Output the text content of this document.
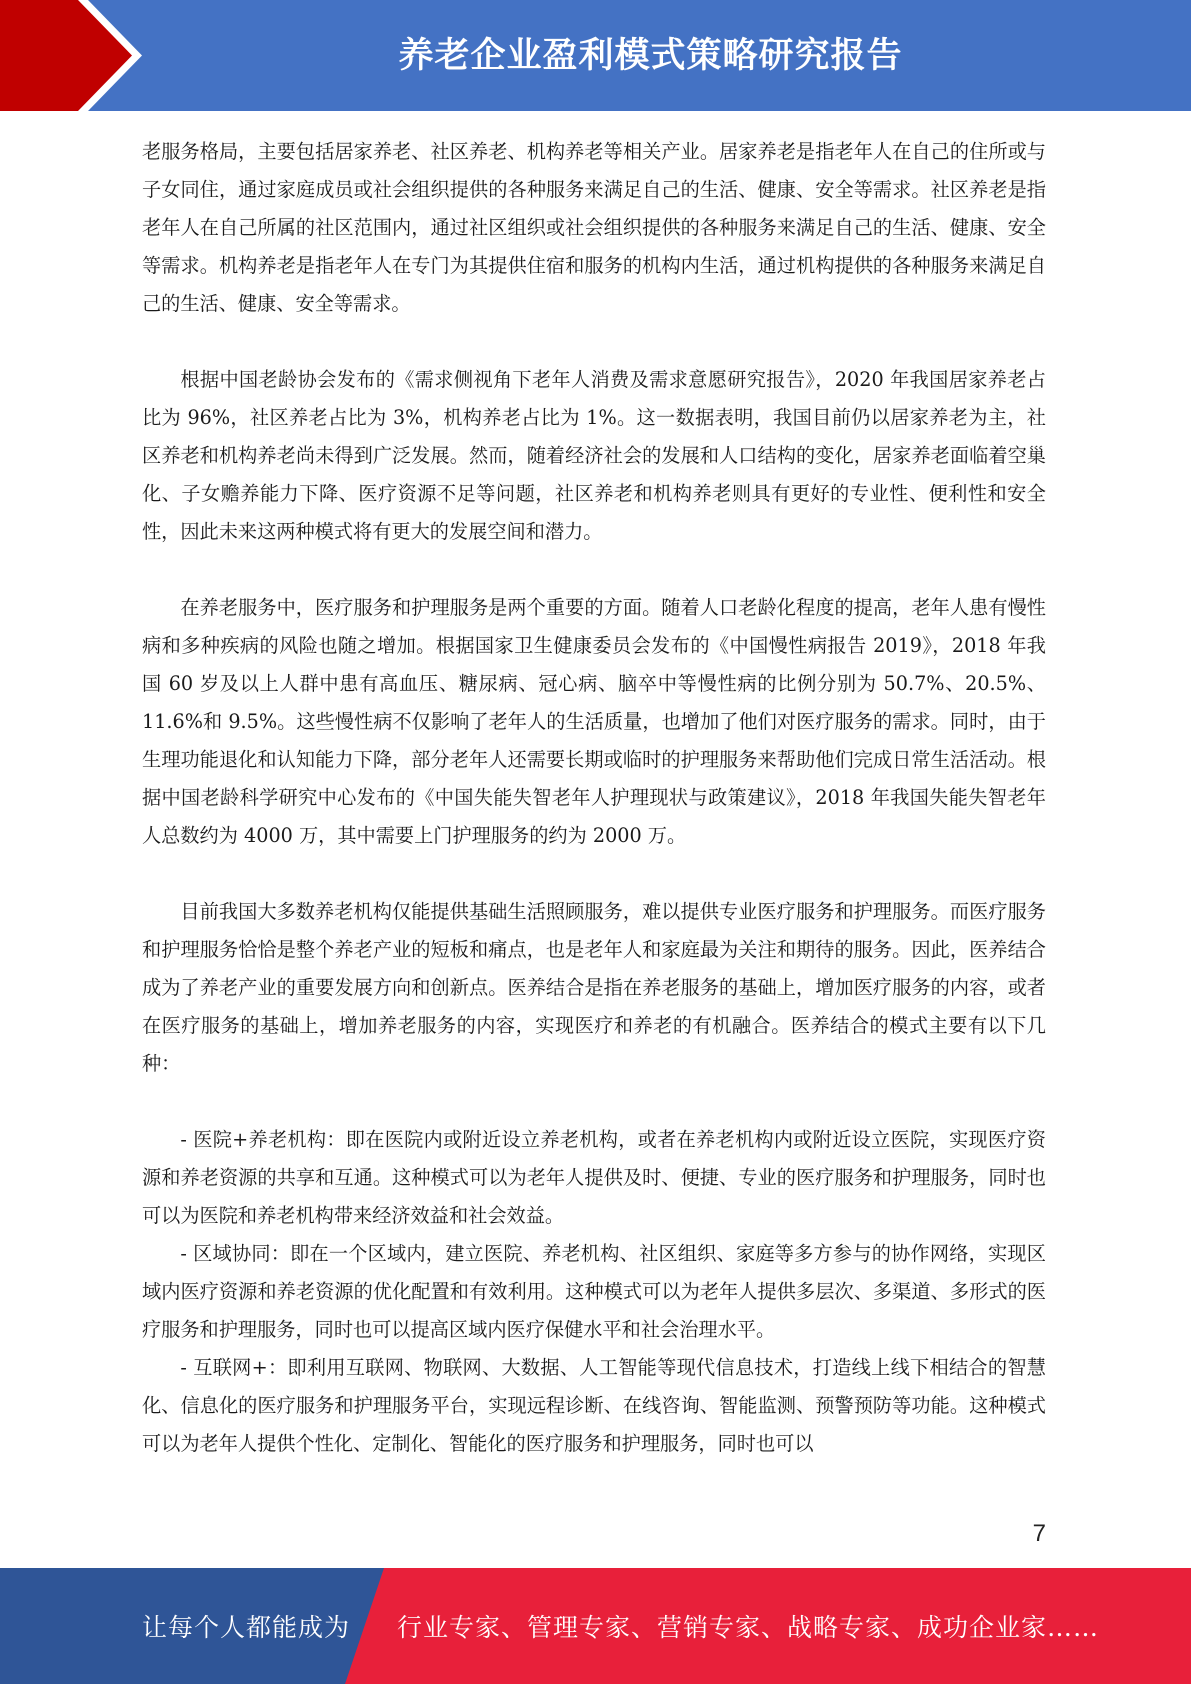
养老企业盈利模式策略研究报告

老服务格局，主要包括居家养老、社区养老、机构养老等相关产业。居家养老是指老年人在自己的住所或与子女同住，通过家庭成员或社会组织提供的各种服务来满足自己的生活、健康、安全等需求。社区养老是指老年人在自己所属的社区范围内，通过社区组织或社会组织提供的各种服务来满足自己的生活、健康、安全等需求。机构养老是指老年人在专门为其提供住宿和服务的机构内生活，通过机构提供的各种服务来满足自己的生活、健康、安全等需求。

根据中国老龄协会发布的《需求侧视角下老年人消费及需求意愿研究报告》，2020 年我国居家养老占比为 96%，社区养老占比为 3%，机构养老占比为 1%。这一数据表明，我国目前仍以居家养老为主，社区养老和机构养老尚未得到广泛发展。然而，随着经济社会的发展和人口结构的变化，居家养老面临着空巢化、子女赡养能力下降、医疗资源不足等问题，社区养老和机构养老则具有更好的专业性、便利性和安全性，因此未来这两种模式将有更大的发展空间和潜力。

在养老服务中，医疗服务和护理服务是两个重要的方面。随着人口老龄化程度的提高，老年人患有慢性病和多种疾病的风险也随之增加。根据国家卫生健康委员会发布的《中国慢性病报告 2019》，2018 年我国 60 岁及以上人群中患有高血压、糖尿病、冠心病、脑卒中等慢性病的比例分别为 50.7%、20.5%、11.6%和 9.5%。这些慢性病不仅影响了老年人的生活质量，也增加了他们对医疗服务的需求。同时，由于生理功能退化和认知能力下降，部分老年人还需要长期或临时的护理服务来帮助他们完成日常生活活动。根据中国老龄科学研究中心发布的《中国失能失智老年人护理现状与政策建议》，2018 年我国失能失智老年人总数约为 4000 万，其中需要上门护理服务的约为 2000 万。

目前我国大多数养老机构仅能提供基础生活照顾服务，难以提供专业医疗服务和护理服务。而医疗服务和护理服务恰恰是整个养老产业的短板和痛点，也是老年人和家庭最为关注和期待的服务。因此，医养结合成为了养老产业的重要发展方向和创新点。医养结合是指在养老服务的基础上，增加医疗服务的内容，或者在医疗服务的基础上，增加养老服务的内容，实现医疗和养老的有机融合。医养结合的模式主要有以下几种：

- 医院+养老机构：即在医院内或附近设立养老机构，或者在养老机构内或附近设立医院，实现医疗资源和养老资源的共享和互通。这种模式可以为老年人提供及时、便捷、专业的医疗服务和护理服务，同时也可以为医院和养老机构带来经济效益和社会效益。

- 区域协同：即在一个区域内，建立医院、养老机构、社区组织、家庭等多方参与的协作网络，实现区域内医疗资源和养老资源的优化配置和有效利用。这种模式可以为老年人提供多层次、多渠道、多形式的医疗服务和护理服务，同时也可以提高区域内医疗保健水平和社会治理水平。

- 互联网+：即利用互联网、物联网、大数据、人工智能等现代信息技术，打造线上线下相结合的智慧化、信息化的医疗服务和护理服务平台，实现远程诊断、在线咨询、智能监测、预警预防等功能。这种模式可以为老年人提供个性化、定制化、智能化的医疗服务和护理服务，同时也可以

7
让每个人都能成为 行业专家、管理专家、营销专家、战略专家、成功企业家……
